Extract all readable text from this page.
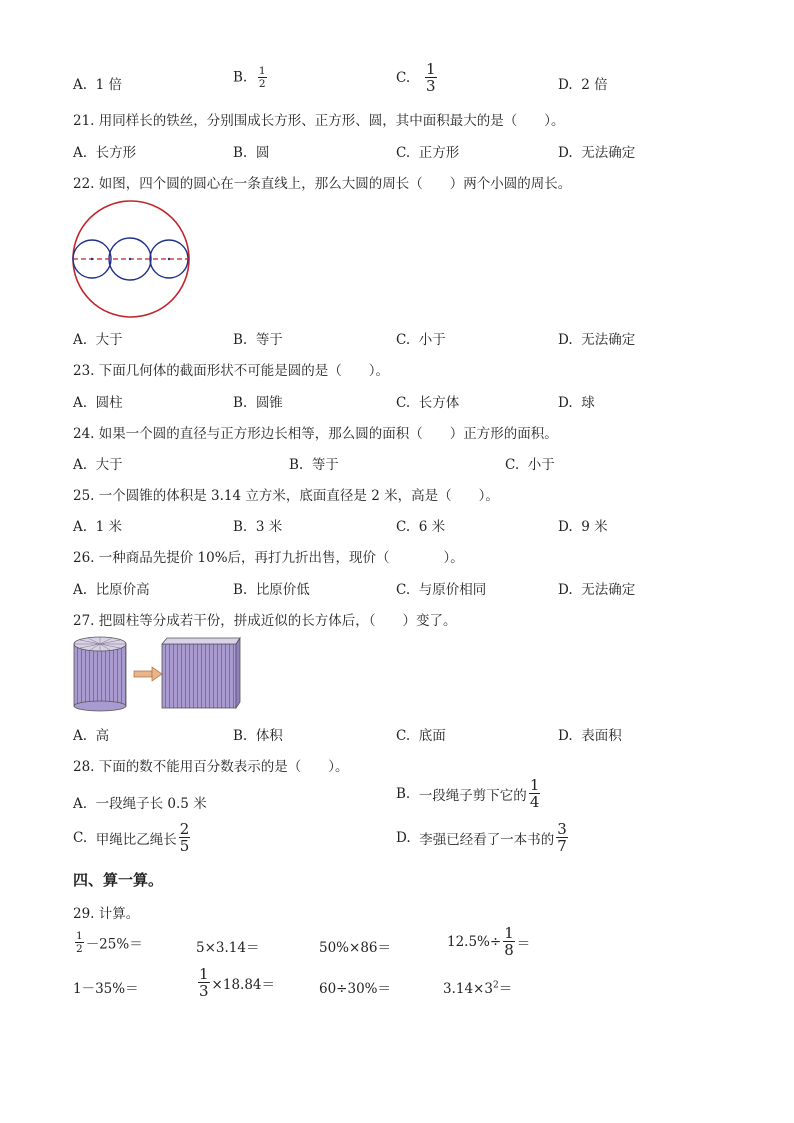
A. 1 倍	B. $\frac{1}{2}$	C. $\frac{1}{3}$	D. 2 倍
21. 用同样长的铁丝，分别围成长方形、正方形、圆，其中面积最大的是（　　）。
A. 长方形	B. 圆	C. 正方形	D. 无法确定
22. 如图，四个圆的圆心在一条直线上，那么大圆的周长（　　）两个小圆的周长。
A. 大于	B. 等于	C. 小于	D. 无法确定
23. 下面几何体的截面形状不可能是圆的是（　　）。
A. 圆柱	B. 圆锥	C. 长方体	D. 球
24. 如果一个圆的直径与正方形边长相等，那么圆的面积（　　）正方形的面积。
A. 大于	B. 等于	C. 小于
25. 一个圆锥的体积是 3.14 立方米，底面直径是 2 米，高是（　　）。
A. 1 米	B. 3 米	C. 6 米	D. 9 米
26. 一种商品先提价 10%后，再打九折出售，现价（　　　　）。
A. 比原价高	B. 比原价低	C. 与原价相同	D. 无法确定
27. 把圆柱等分成若干份，拼成近似的长方体后，（　　）变了。
A. 高	B. 体积	C. 底面	D. 表面积
28. 下面的数不能用百分数表示的是（　　）。
A. 一段绳子长 0.5 米
B. 一段绳子剪下它的 $\frac{1}{4}$
C. 甲绳比乙绳长 $\frac{2}{5}$	D. 李强已经看了一本书的 $\frac{3}{7}$
四、算一算。
29. 计算。
$\frac{1}{2} -25\%=$	5×3.14＝	50%×86＝	$12.5\%\div \frac{1}{8}$ ＝
1－35%＝	$\frac{1}{3} \times 18.84=$	60÷30%＝	$3.14\times 3^2=$
